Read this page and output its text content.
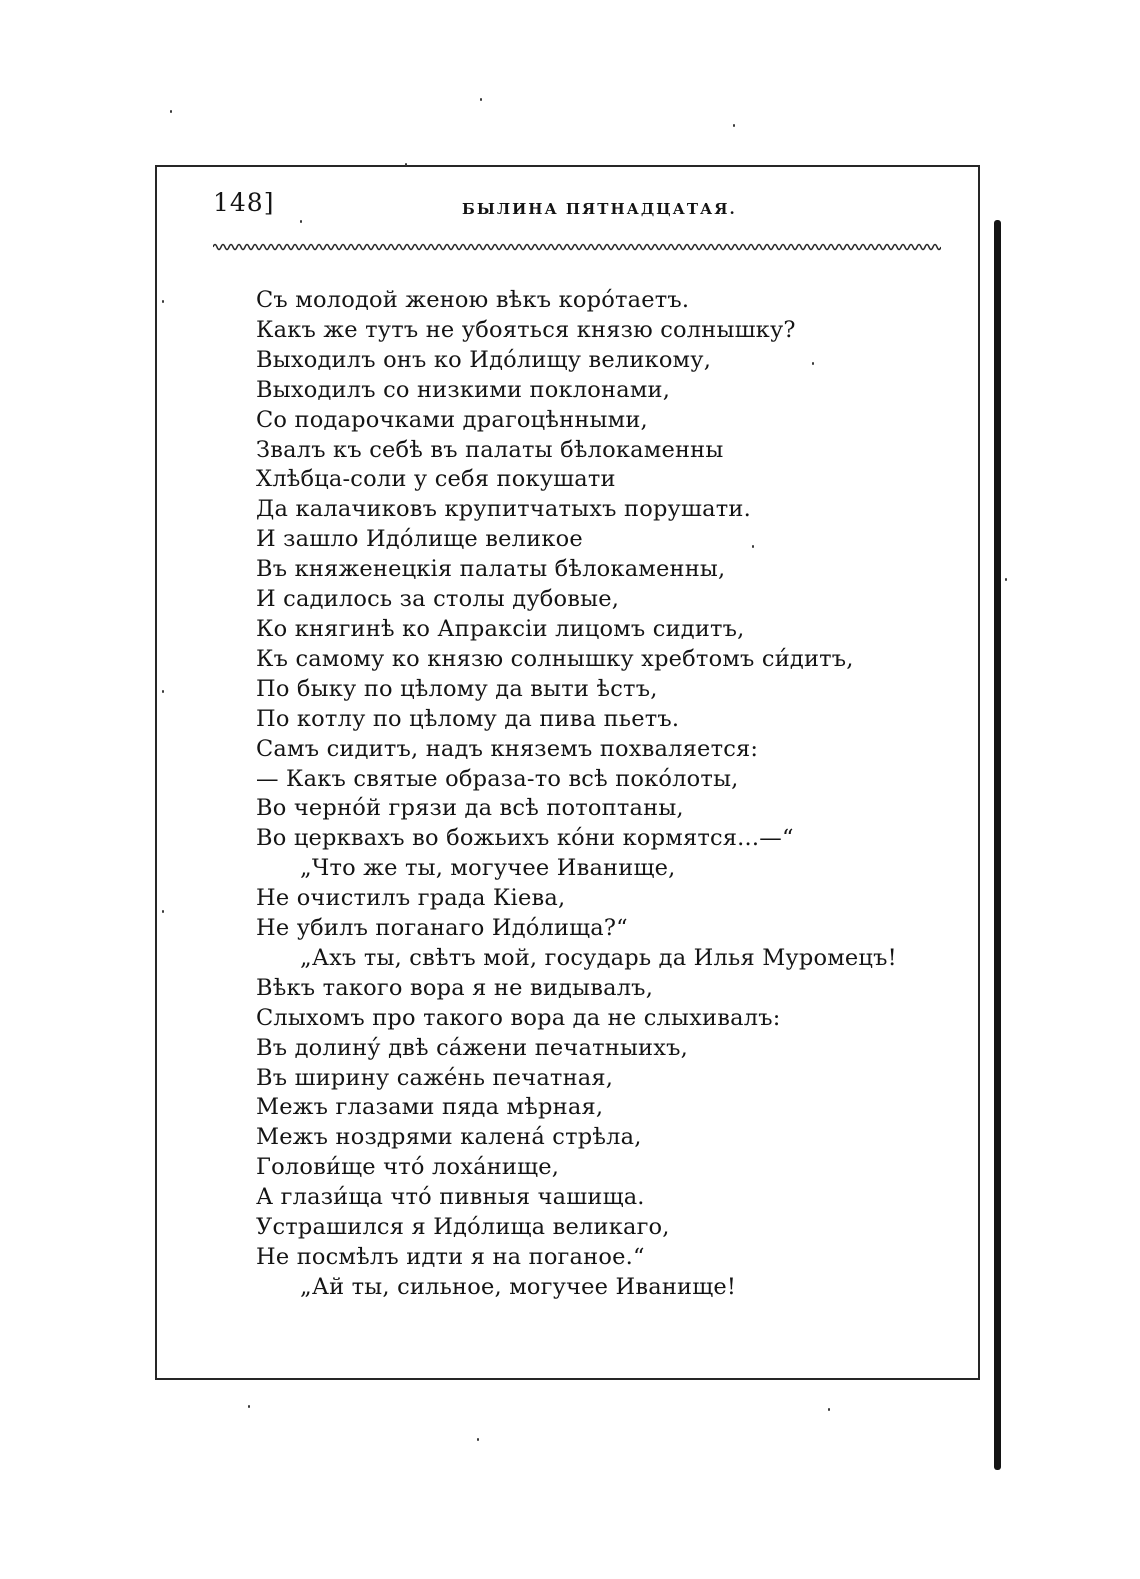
148]	БЫЛИНА ПЯТНАДЦАТАЯ.
Съ молодой женою вѣкъ коро́таетъ.
Какъ же тутъ не убояться князю солнышку?
Выходилъ онъ ко Идо́лищу великому,
Выходилъ со низкими поклонами,
Со подарочками драгоцѣнными,
Звалъ къ себѣ въ палаты бѣлокаменны
Хлѣбца-соли у себя покушати
Да калачиковъ крупитчатыхъ порушати.
И зашло Идо́лище великое
Въ княженецкія палаты бѣлокаменны,
И садилось за столы дубовые,
Ко княгинѣ ко Апраксіи лицомъ сидитъ,
Къ самому ко князю солнышку хребтомъ си́дитъ,
По быку по цѣлому да выти ѣстъ,
По котлу по цѣлому да пива пьетъ.
Самъ сидитъ, надъ княземъ похваляется:
— Какъ святые образа-то всѣ поко́лоты,
Во черно́й грязи да всѣ потоптаны,
Во церквахъ во божьихъ ко́ни кормятся...—“
„Что же ты, могучее Иванище,
Не очистилъ града Кіева,
Не убилъ поганаго Идо́лища?“
„Ахъ ты, свѣтъ мой, государь да Илья Муромецъ!
Вѣкъ такого вора я не видывалъ,
Слыхомъ про такого вора да не слыхивалъ:
Въ долину́ двѣ са́жени печатныихъ,
Въ ширину саже́нь печатная,
Межъ глазами пяда мѣрная,
Межъ ноздрями калена́ стрѣла,
Голови́ще что́ лоха́нище,
А глази́ща что́ пивныя чашища.
Устрашился я Идо́лища великаго,
Не посмѣлъ идти я на поганое.“
„Ай ты, сильное, могучее Иванище!
